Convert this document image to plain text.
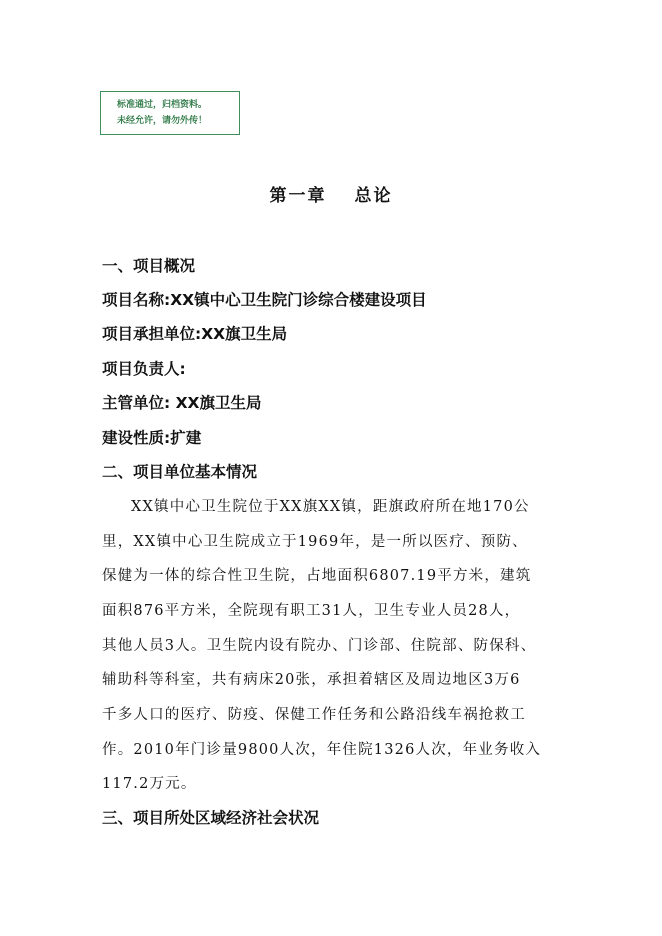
标准通过，归档资料。
未经允许，请勿外传！
第一章 总论
一、项目概况
项目名称:XX镇中心卫生院门诊综合楼建设项目
项目承担单位:XX旗卫生局
项目负责人:
主管单位: XX旗卫生局
建设性质:扩建
二、项目单位基本情况
XX镇中心卫生院位于XX旗XX镇，距旗政府所在地170公
里，XX镇中心卫生院成立于1969年，是一所以医疗、预防、
保健为一体的综合性卫生院，占地面积6807.19平方米，建筑
面积876平方米，全院现有职工31人，卫生专业人员28人，
其他人员3人。卫生院内设有院办、门诊部、住院部、防保科、
辅助科等科室，共有病床20张，承担着辖区及周边地区3万6
千多人口的医疗、防疫、保健工作任务和公路沿线车祸抢救工
作。2010年门诊量9800人次，年住院1326人次，年业务收入
117.2万元。
三、项目所处区域经济社会状况
